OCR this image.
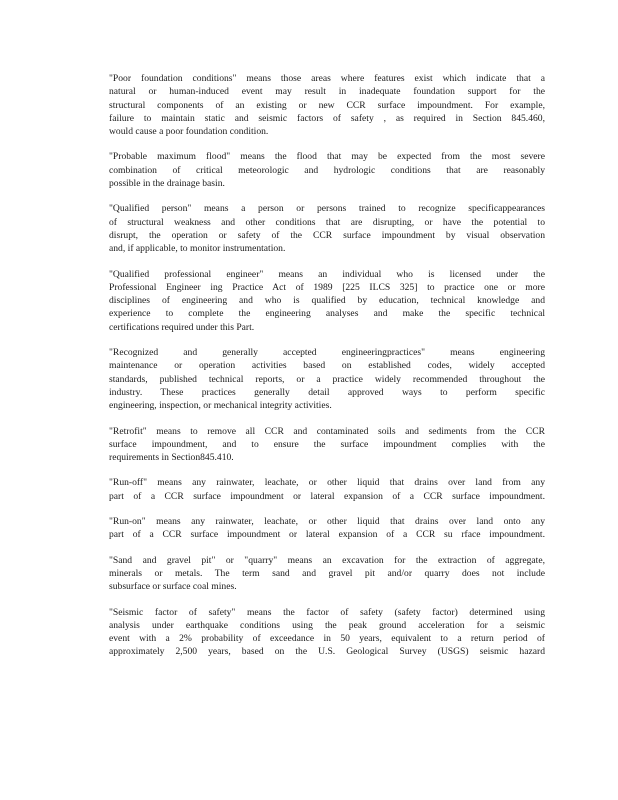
"Poor foundation conditions" means those areas where features exist which indicate that a
natural or human-induced event may result in inadequate foundation support for the
structural components of an existing or new CCR surface impoundment. For example,
failure to maintain static and seismic factors of safety , as required in Section 845.460,
would cause a poor foundation condition.
"Probable maximum flood" means the flood that may be expected from the most severe
combination of critical meteorologic and hydrologic conditions that are reasonably
possible in the drainage basin.
"Qualified person" means a person or persons trained to recognize specificappearances
of structural weakness and other conditions that are disrupting, or have the potential to
disrupt, the operation or safety of the CCR surface impoundment by visual observation
and, if applicable, to monitor instrumentation.
"Qualified professional engineer" means an individual who is licensed under the
Professional Engineer ing Practice Act of 1989 [225 ILCS 325] to practice one or more
disciplines of engineering and who is qualified by education, technical knowledge and
experience to complete the engineering analyses and make the specific technical
certifications required under this Part.
"Recognized and generally accepted engineeringpractices" means engineering
maintenance or operation activities based on established codes, widely accepted
standards, published technical reports, or a practice widely recommended throughout the
industry. These practices generally detail approved ways to perform specific
engineering, inspection, or mechanical integrity activities.
"Retrofit" means to remove all CCR and contaminated soils and sediments from the CCR
surface impoundment, and to ensure the surface impoundment complies with the
requirements in Section845.410.
"Run-off" means any rainwater, leachate, or other liquid that drains over land from any
part of a CCR surface impoundment or lateral expansion of a CCR surface impoundment.
"Run-on" means any rainwater, leachate, or other liquid that drains over land onto any
part of a CCR surface impoundment or lateral expansion of a CCR su rface impoundment.
"Sand and gravel pit" or "quarry" means an excavation for the extraction of aggregate,
minerals or metals. The term sand and gravel pit and/or quarry does not include
subsurface or surface coal mines.
"Seismic factor of safety" means the factor of safety (safety factor) determined using
analysis under earthquake conditions using the peak ground acceleration for a seismic
event with a 2% probability of exceedance in 50 years, equivalent to a return period of
approximately 2,500 years, based on the U.S. Geological Survey (USGS) seismic hazard
